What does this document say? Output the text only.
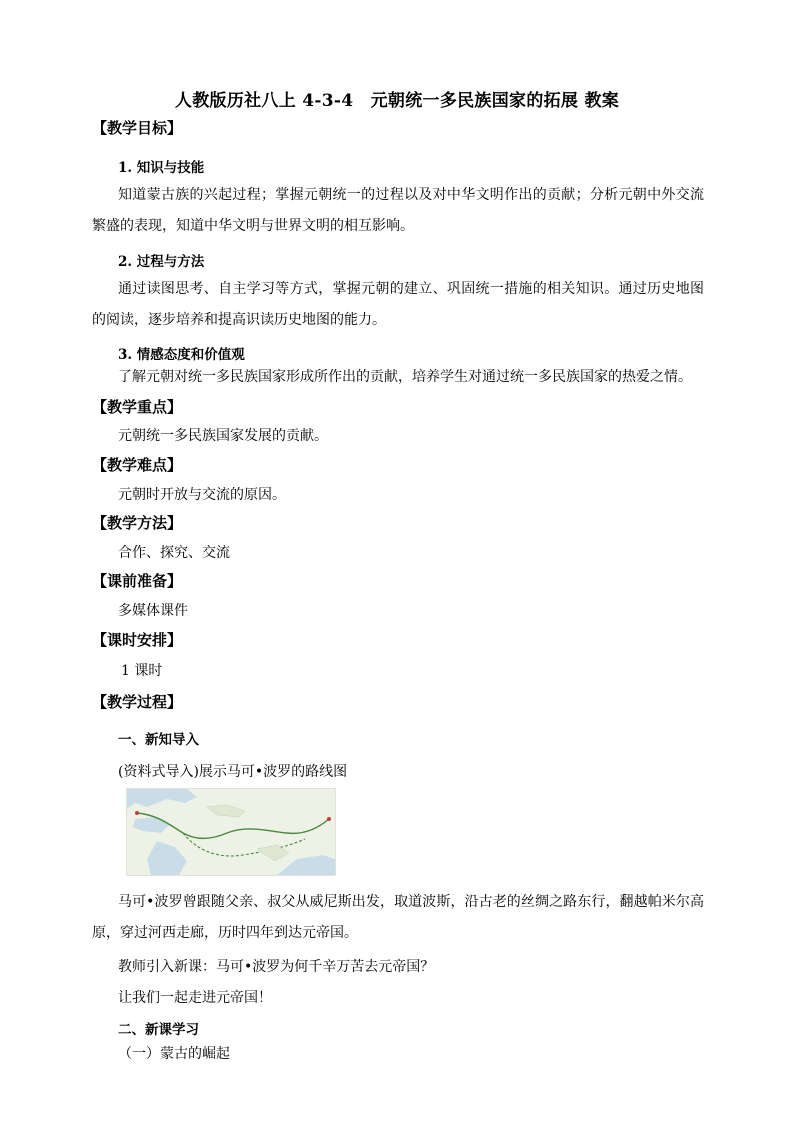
人教版历社八上 4-3-4　元朝统一多民族国家的拓展 教案
【教学目标】
1. 知识与技能
知道蒙古族的兴起过程；掌握元朝统一的过程以及对中华文明作出的贡献；分析元朝中外交流繁盛的表现，知道中华文明与世界文明的相互影响。
2. 过程与方法
通过读图思考、自主学习等方式，掌握元朝的建立、巩固统一措施的相关知识。通过历史地图的阅读，逐步培养和提高识读历史地图的能力。
3. 情感态度和价值观
了解元朝对统一多民族国家形成所作出的贡献，培养学生对通过统一多民族国家的热爱之情。
【教学重点】
元朝统一多民族国家发展的贡献。
【教学难点】
元朝时开放与交流的原因。
【教学方法】
合作、探究、交流
【课前准备】
多媒体课件
【课时安排】
1 课时
【教学过程】
一、新知导入
(资料式导入)展示马可•波罗的路线图
马可•波罗曾跟随父亲、叔父从威尼斯出发，取道波斯，沿古老的丝绸之路东行，翻越帕米尔高原，穿过河西走廊，历时四年到达元帝国。
教师引入新课：马可•波罗为何千辛万苦去元帝国？
让我们一起走进元帝国！
二、新课学习
（一）蒙古的崛起
